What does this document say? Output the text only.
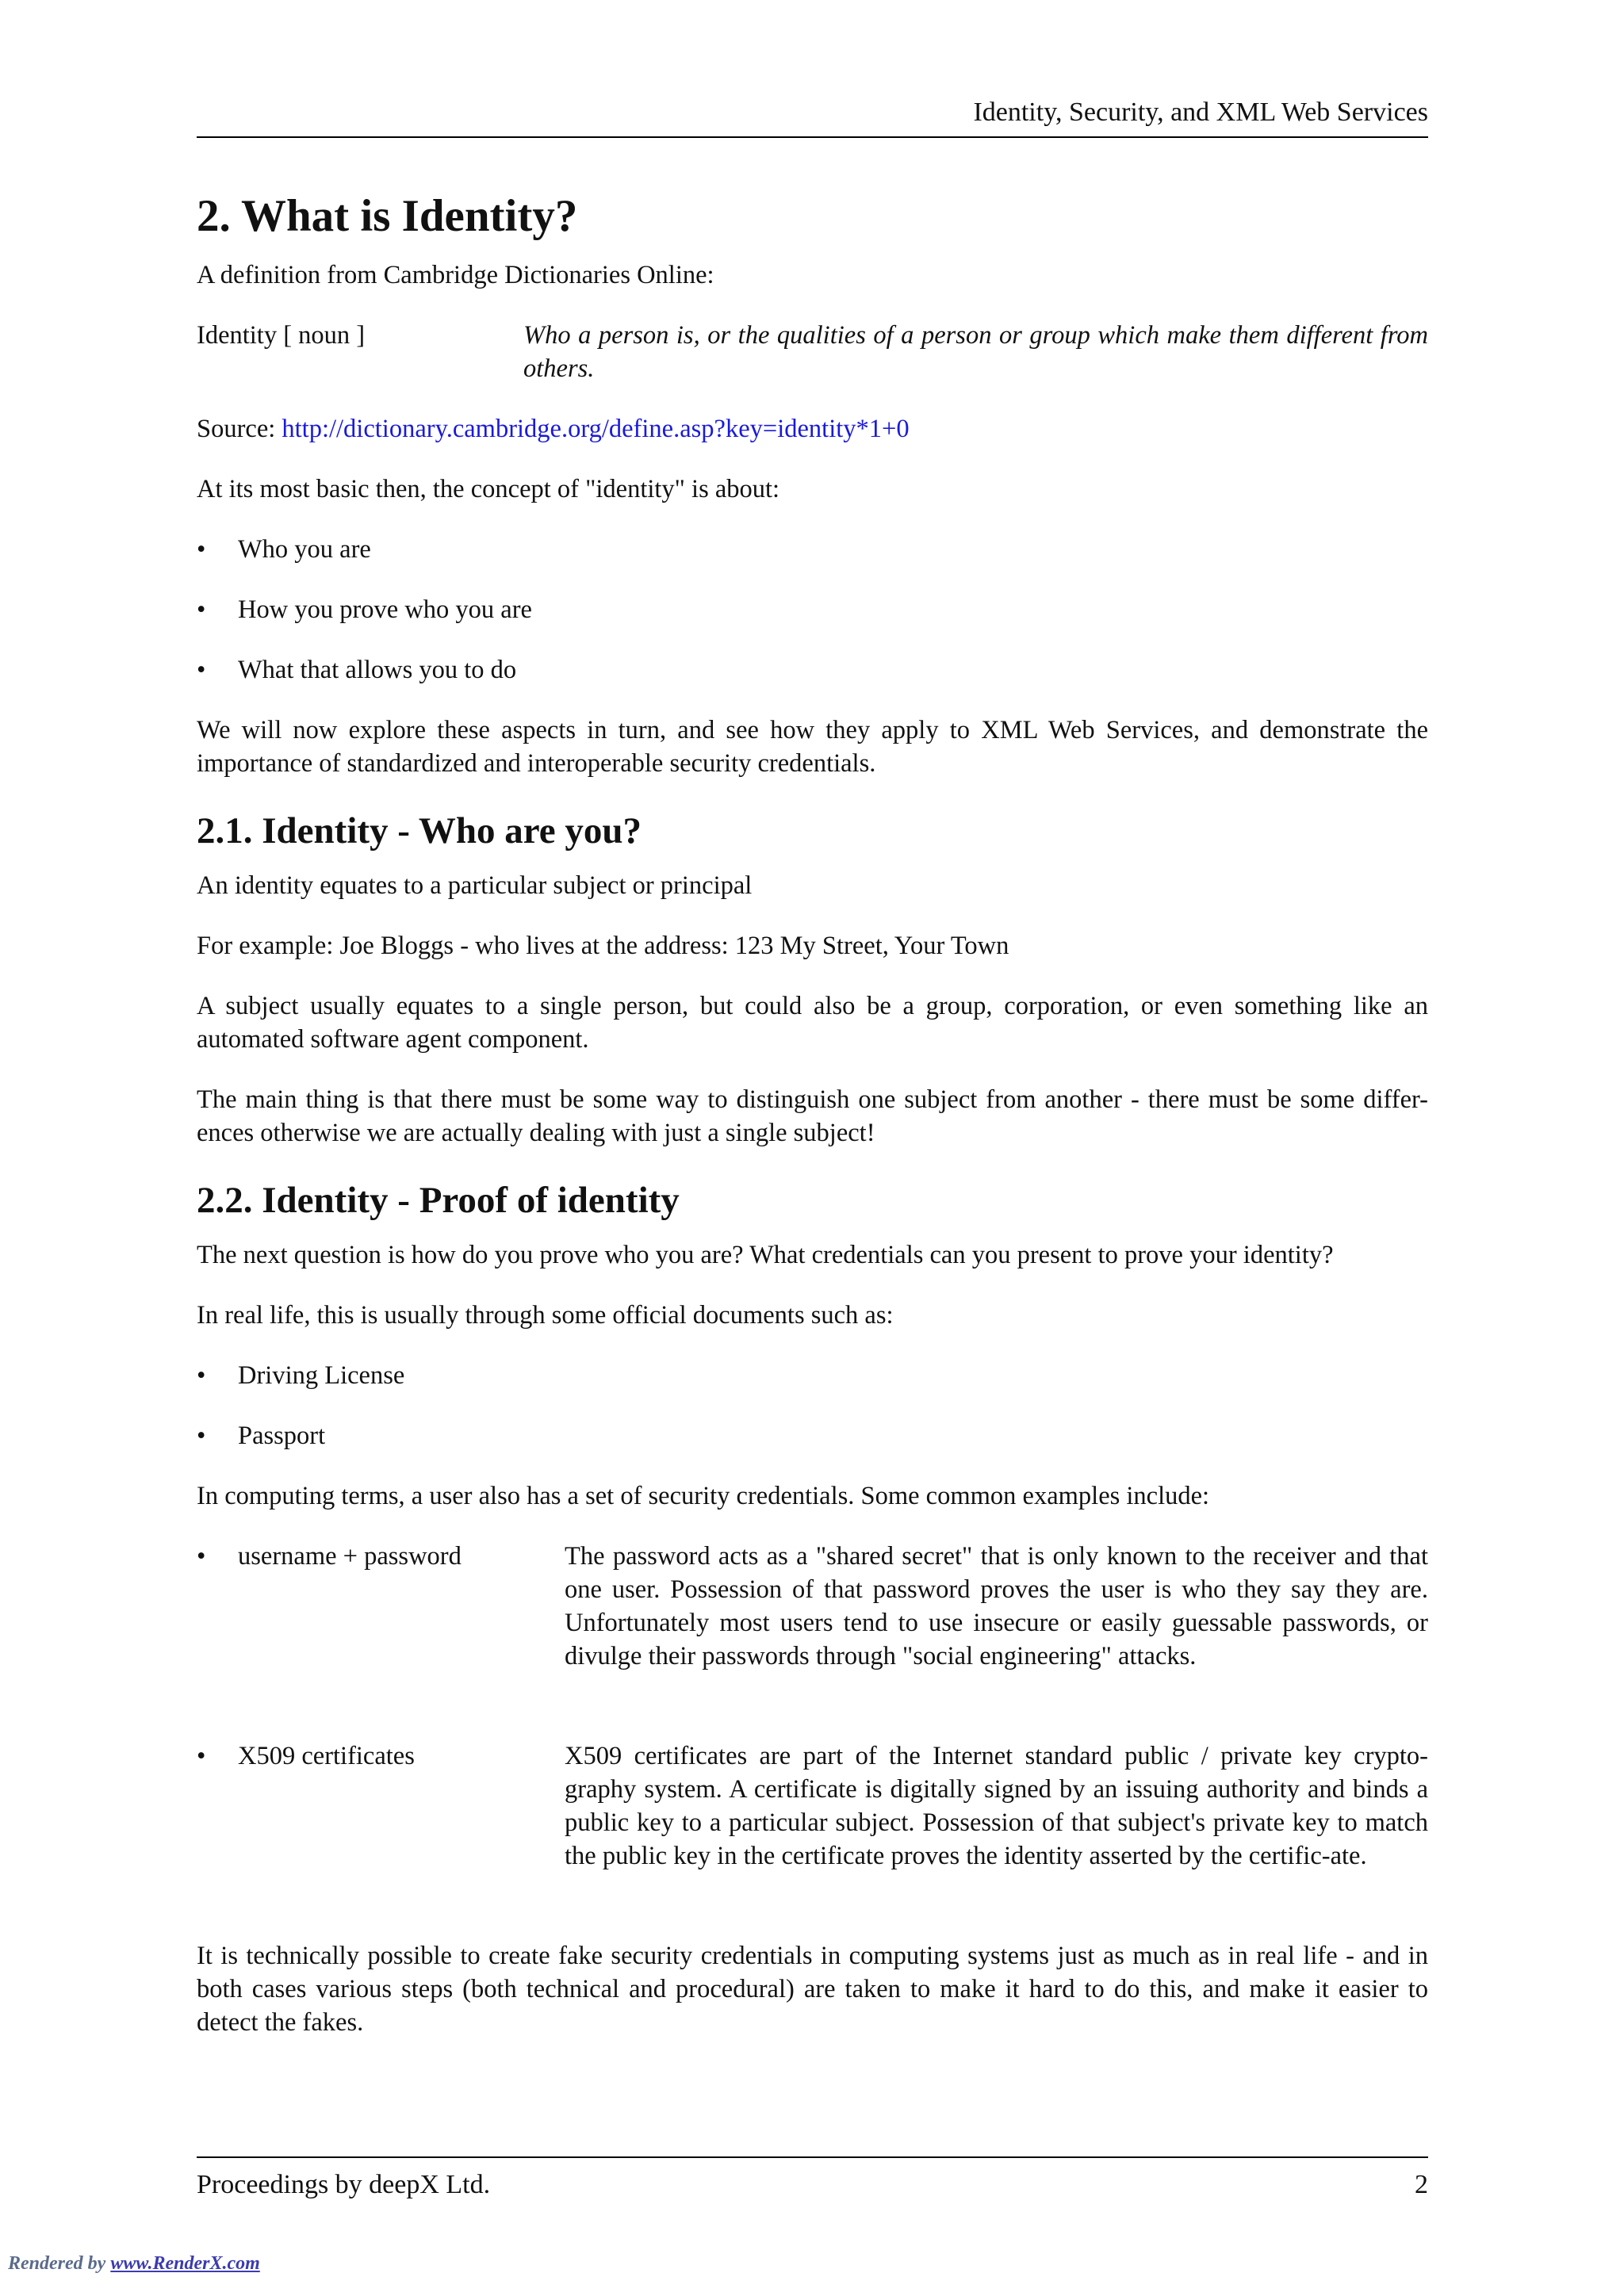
Identity, Security, and XML Web Services
2. What is Identity?

A definition from Cambridge Dictionaries Online:

Identity [ noun ]	Who a person is, or the qualities of a person or group which make them different from others.

Source: http://dictionary.cambridge.org/define.asp?key=identity*1+0

At its most basic then, the concept of "identity" is about:

•	Who you are
•	How you prove who you are
•	What that allows you to do

We will now explore these aspects in turn, and see how they apply to XML Web Services, and demonstrate the importance of standardized and interoperable security credentials.

2.1. Identity - Who are you?

An identity equates to a particular subject or principal

For example: Joe Bloggs - who lives at the address: 123 My Street, Your Town

A subject usually equates to a single person, but could also be a group, corporation, or even something like an automated software agent component.

The main thing is that there must be some way to distinguish one subject from another - there must be some differ-ences otherwise we are actually dealing with just a single subject!

2.2. Identity - Proof of identity

The next question is how do you prove who you are? What credentials can you present to prove your identity?

In real life, this is usually through some official documents such as:

•	Driving License
•	Passport

In computing terms, a user also has a set of security credentials. Some common examples include:

•	username + password	The password acts as a "shared secret" that is only known to the receiver and that one user. Possession of that password proves the user is who they say they are. Unfortunately most users tend to use insecure or easily guessable passwords, or divulge their passwords through "social engineering" attacks.
•	X509 certificates	X509 certificates are part of the Internet standard public / private key crypto-graphy system. A certificate is digitally signed by an issuing authority and binds a public key to a particular subject. Possession of that subject's private key to match the public key in the certificate proves the identity asserted by the certific-ate.

It is technically possible to create fake security credentials in computing systems just as much as in real life - and in both cases various steps (both technical and procedural) are taken to make it hard to do this, and make it easier to detect the fakes.

Proceedings by deepX Ltd.	2
Rendered by www.RenderX.com
